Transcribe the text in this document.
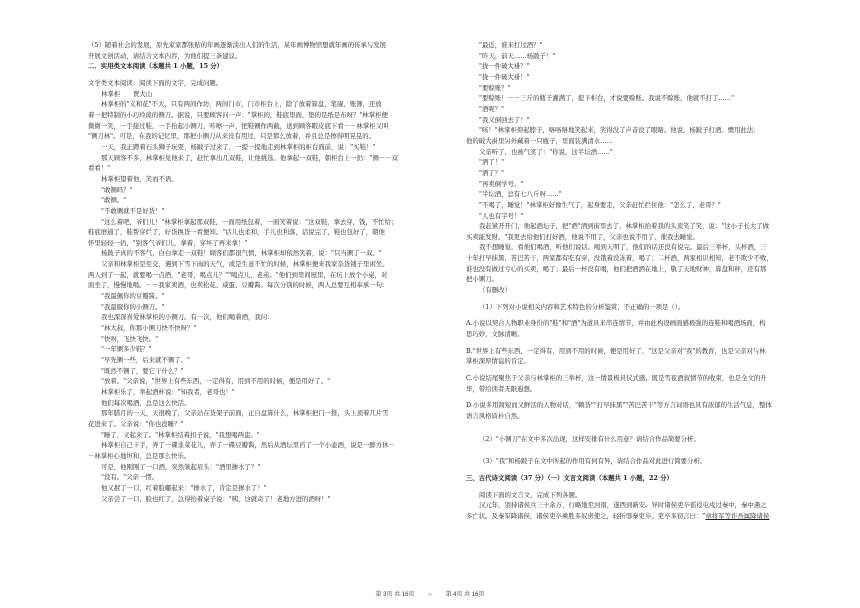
（5）随着社会的发展，原先家家都张贴的年画逐渐淡出人们的生活，某年画博物馆想就年画的传承与发展
开展文创活动，请结合文本内容，为他们提三条建议。
二．实用类文本阅读（本题共 1 小题，15 分）
文学类文本阅读：阅读下面的文字，完成问题。
林掌柜　　贾大山
林掌柜的"义和花"不大，只有两间作坊，两间门市，门市柜台上，除了放着算盘、笔砚、账簿，还放
着一把特制的小巧玲珑的铡刀。据说，只要顾客问一声："掌柜的，鞋底里面，垫的是纸是布呀？"林掌柜便
微微一笑，一手接过鞋，一手抬起小铡刀，咔嚓一声，把鞋铡作两截，送到顾客眼皮底下看－－林掌柜又叫
"铡刀林"。可是，在我的记忆里，那把小铡刀从来没有用过，只是那么放着，并且总是擦得明晃晃的。
一天，我正蹲着石头狮子玩耍，杨跛子过来了，一提一提地走到林掌柜的柜台面前，说："买鞋！"
那天顾客不多，林掌柜见他来了，赶忙拿出几双鞋，让他挑选。他拿起一双鞋，朝柜台上一扔："铡－－双
看看！"
林掌柜望着他，笑而不语。
"敢铡吗？"
"敢铡。"
"不敢铡就不是好货！"
"这么着吧，爷们儿！"林掌柜拿起那双鞋，一面用纸包着，一面笑着说："这双鞋，拿去穿，钱，不忙给；
鞋底磨通了，鞋帮穿烂了，好货换货一看便知。"话儿也柔和，手儿也利落，话说完了，鞋也包好了，朝他
怀里轻轻一扔，"别客气爷们儿，拿着，穿坏了再来拿！"
杨跛子真的不客气，白白拿走一双鞋！顾客们都很气愤，林掌柜却依然笑着，说："只当铡了一双。"
父亲和林掌柜是至交，遇到下雪下雨的天气，或是生意不忙的时候，林掌柜便来我家杂货铺子里闲坐。
两人到了一起，就要喝一点酒，"老哥，喝点儿？""喝点儿，老弟。"他们到里间屋里，在坑上放个小桌，对
面坐了，慢慢地喝。－－我家卖酒，也卖松花、咸蛋、豆瓣酱。每次分别的时候，两人总要互相奉承一句：
"我最佩你的豆瓣酱。"
"我最服你的小铡刀。"
我也深深喜爱林掌柜的小铡刀。有一次，他们喝着酒，我问：
"林大叔，你那小铡刀快不快呀？"
"快呀，飞快飞快。"
"一年铡多少鞋？"
"早先铡一些，后来就不铡了。"
"既然不铡了，要它干什么？"
"放着。"父亲说，"世界上有些东西，一定得有，用到不用的时候，便是用好了。"
林掌柜乐了，举起酒杯说："知我者，老哥也！"
他们每次喝酒，总是这么快活。
那年腊月的一天，天很晚了，父亲站在货架子前面，正自盘算什么，林掌柜把门一推，头上顶着几片雪
花进来了。父亲说："你也没睡？"
"睡了，又起来了。"林掌柜结着扣子说，"我想喝两盅。"
林掌柜自己下手，弄了一碟韭菜花儿，弄了一碟豆瓣酱，然后从酒坛里舀了一个小壶酒，说是一醉方休－
－林掌柜心地坦和，总是那么快乐。
可是，他刚刚了一口酒，突然皱起眉头："酒里掺水了？"
"没有。"父亲一愣。
他又抿了一口，红着脸嘟起来："掺水了，肯定是掺水了！"
父亲尝了一口，脸也红了，急得抬着桌子说："咦，这就奇了！老地方进的酒呀！"
"最近，谁来打过酒？"
"昨天，前天……杨跛子！"
"拢一件破大褂？"
"拢一件破大褂！"
"要赊账？"
"要赊账！－－三斤的瓶子灌满了，提下柜台，才说要赊账。我说不赊账，他就不打了……"
"酒呢？"
"我又倒回去了！"
"咳！"林掌柜仰起脖子，咯咯咯地笑起来，笑得没了声音没了眼睛。他说，杨跛子打酒。惯用此法：
他的破大褂里另外藏着一只瓶子，里面装满清水……
父亲听了，也被气笑了："你说，这半坛酒……"
"洒了！"
"洒了？"
"再卖倒学号。"
"半坛酒，总有七八斤呀……"
"不喝了，睡觉！"林掌柜好像生气了，起身要走，父亲赶忙拦住他："怎么了，老哥？"
"人也有字号！"
我赶紧开开门，他起酒坛子，把"酒"洒到街里去了，林掌柜抬着我的头顶笑了笑，说："这小子长大了做
买卖能发财。"我更去给他们打好酒，他说不用了，父亲也说不用了，催我去睡觉。
我不想睡觉，看他们喝酒，听他们说话。喝到天明了，他们的话还没有说完。最后三举杯，头杯酒，三
十年打早抹黑，苦巴苦干，两家都有吃有穿，没饿着没冻着，喝了；二杯酒，两家相识相知，老不欺少不败，
谁也没有做过亏心的买卖，喝了；最后一杯没有喝，他们把酒洒在地上，敬了天地财神，算盘和秤，还有那
把小铡刀。
（有删改）
（1）下列对小说相关内容和艺术特色的分析鉴赏，不正确的一项是（）。
A.小说以契合人物职业身份的"鞋"和"酒"为道具来串连情节，并由此构设画面感极强的连鞋和喝酒场面，构
思巧妙，文脉清晰。
B."世界上有些东西，一定得有，用到不用的时候，便是用好了，"这是父亲对"我"的教育，也是父亲对与林
掌柜深厚情谊的肯定。
C.小说结尾聚焦于父亲与林掌柜的三举杯，这一情景极具仪式感，既是雪夜酒叙情节的收束，也是全文的升
华，带给读者无限遐想。
D.小说多用简短而又鲜活的人物对话，"赖货""打早抹黑""苦巴苦干"等方言词语也具有浓郁的生活气息，整体
语言风格质朴自然。
（2）"小铡刀"在文中多次出现，这样安排有什么用意？请结合作品简要分析。
（3）"我"和杨跛子在文中所起的作用有何有异，请结合作品对此进行简要分析。
三、古代诗文阅读（37 分）（一）文言文阅读（本题共 1 小题，22 分）
阅读下面的文言文，完成下列各题。
汉元年，羽持诸侯兵三十余万，行略地至河南，遂西到新安。异时诸侯吏卒徭役屯戍过秦中，秦中遇之
多亡状。及秦军降诸侯，诸侯吏卒乘胜多奴虏使之，轻折辱秦吏卒。吏卒多窃言曰："章将军等诈吾属降诸侯
第 3页 共 16页 ○ 第 4页 共 16页
